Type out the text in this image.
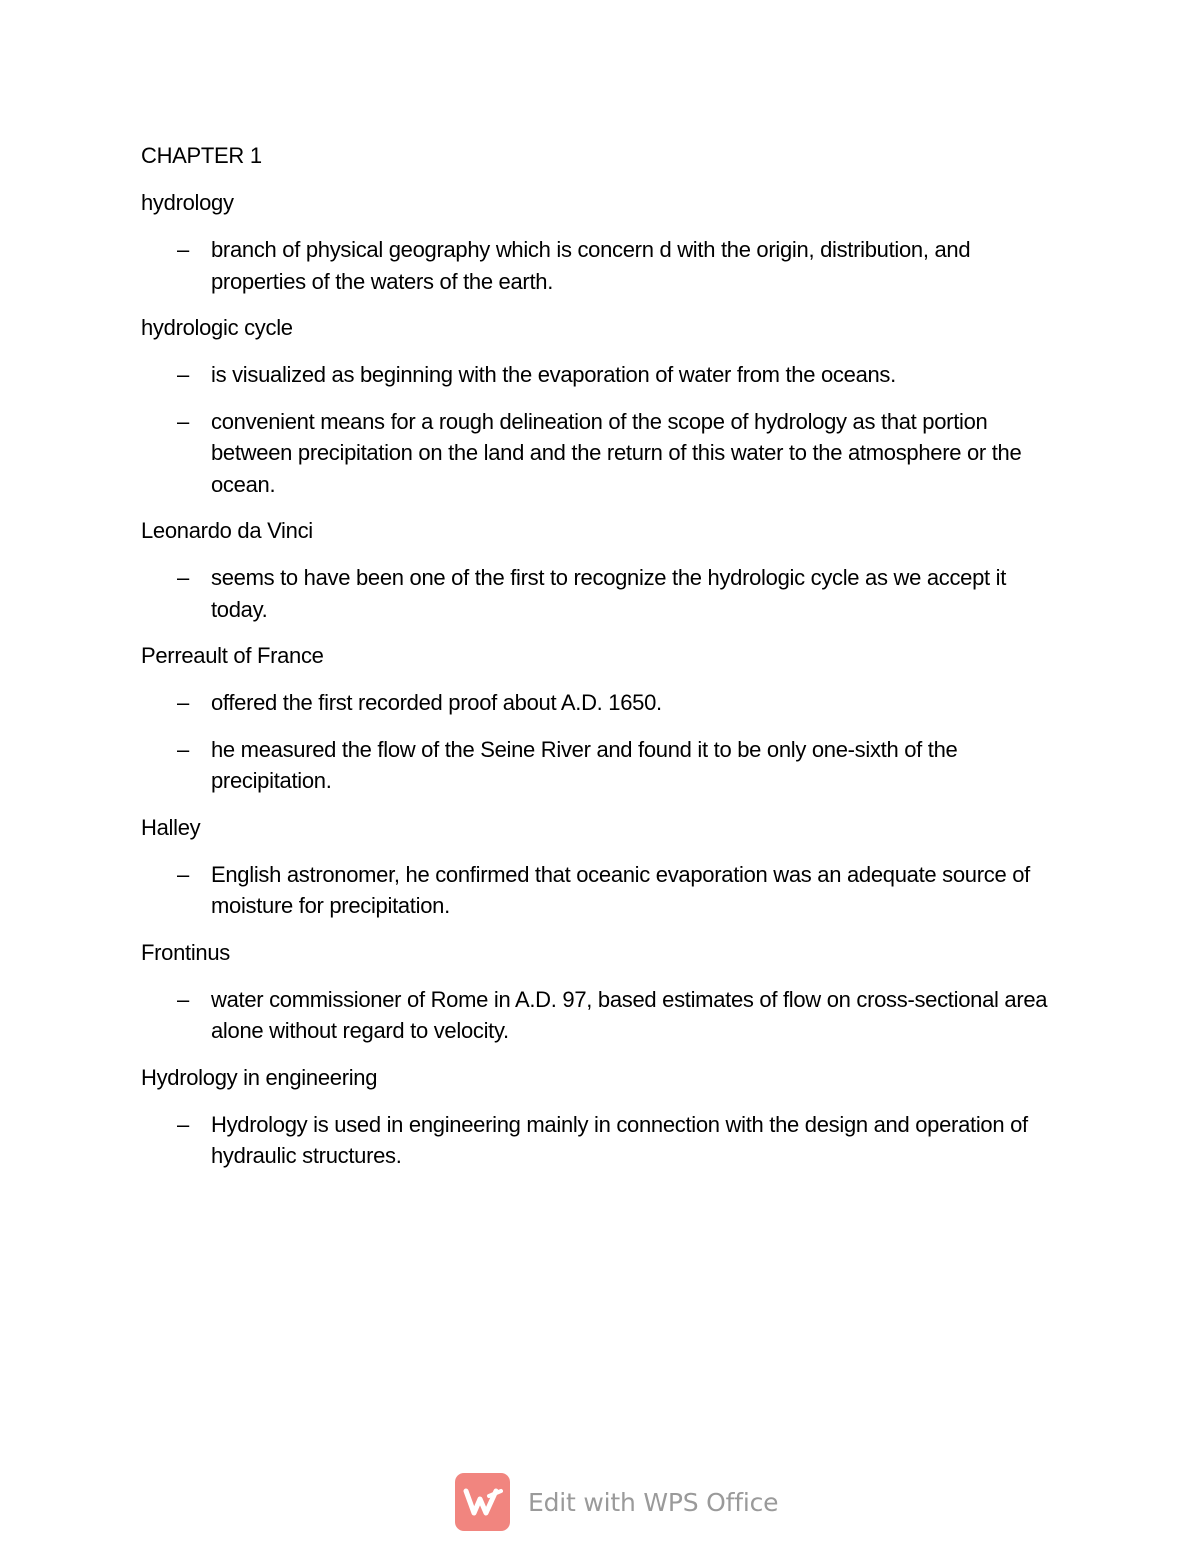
CHAPTER 1
hydrology
– branch of physical geography which is concern d with the origin, distribution, and properties of the waters of the earth.
hydrologic cycle
– is visualized as beginning with the evaporation of water from the oceans.
– convenient means for a rough delineation of the scope of hydrology as that portion between precipitation on the land and the return of this water to the atmosphere or the ocean.
Leonardo da Vinci
– seems to have been one of the first to recognize the hydrologic cycle as we accept it today.
Perreault of France
– offered the first recorded proof about A.D. 1650.
– he measured the flow of the Seine River and found it to be only one-sixth of the precipitation.
Halley
– English astronomer, he confirmed that oceanic evaporation was an adequate source of moisture for precipitation.
Frontinus
– water commissioner of Rome in A.D. 97, based estimates of flow on cross-sectional area alone without regard to velocity.
Hydrology in engineering
– Hydrology is used in engineering mainly in connection with the design and operation of hydraulic structures.
Edit with WPS Office
